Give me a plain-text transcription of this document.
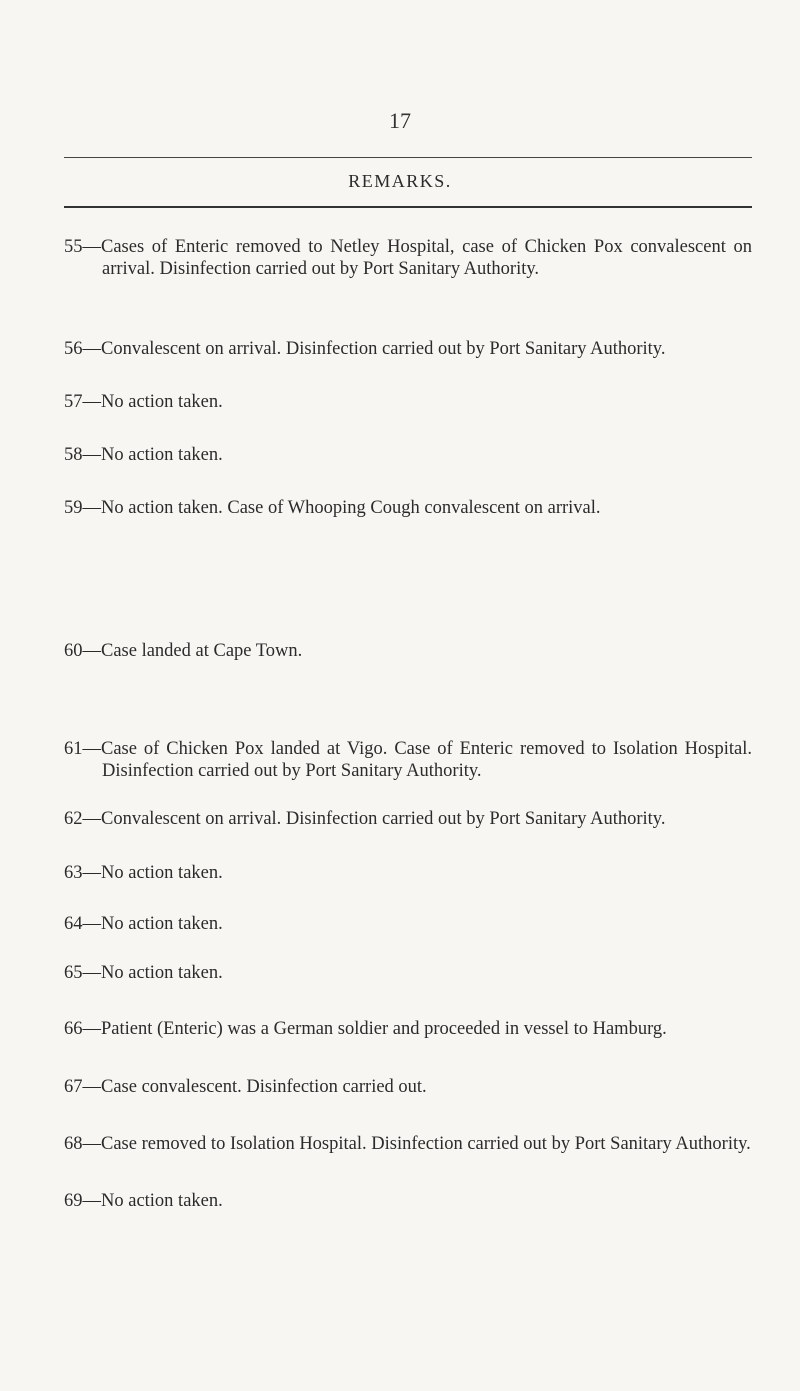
17
REMARKS.
55—Cases of Enteric removed to Netley Hospital, case of Chicken Pox convalescent on arrival. Disinfection carried out by Port Sanitary Authority.
56—Convalescent on arrival. Disinfection carried out by Port Sanitary Authority.
57—No action taken.
58—No action taken.
59—No action taken. Case of Whooping Cough convalescent on arrival.
60—Case landed at Cape Town.
61—Case of Chicken Pox landed at Vigo. Case of Enteric removed to Isolation Hospital. Disinfection carried out by Port Sanitary Authority.
62—Convalescent on arrival. Disinfection carried out by Port Sanitary Authority.
63—No action taken.
64—No action taken.
65—No action taken.
66—Patient (Enteric) was a German soldier and proceeded in vessel to Hamburg.
67—Case convalescent. Disinfection carried out.
68—Case removed to Isolation Hospital. Disinfection carried out by Port Sanitary Authority.
69—No action taken.
